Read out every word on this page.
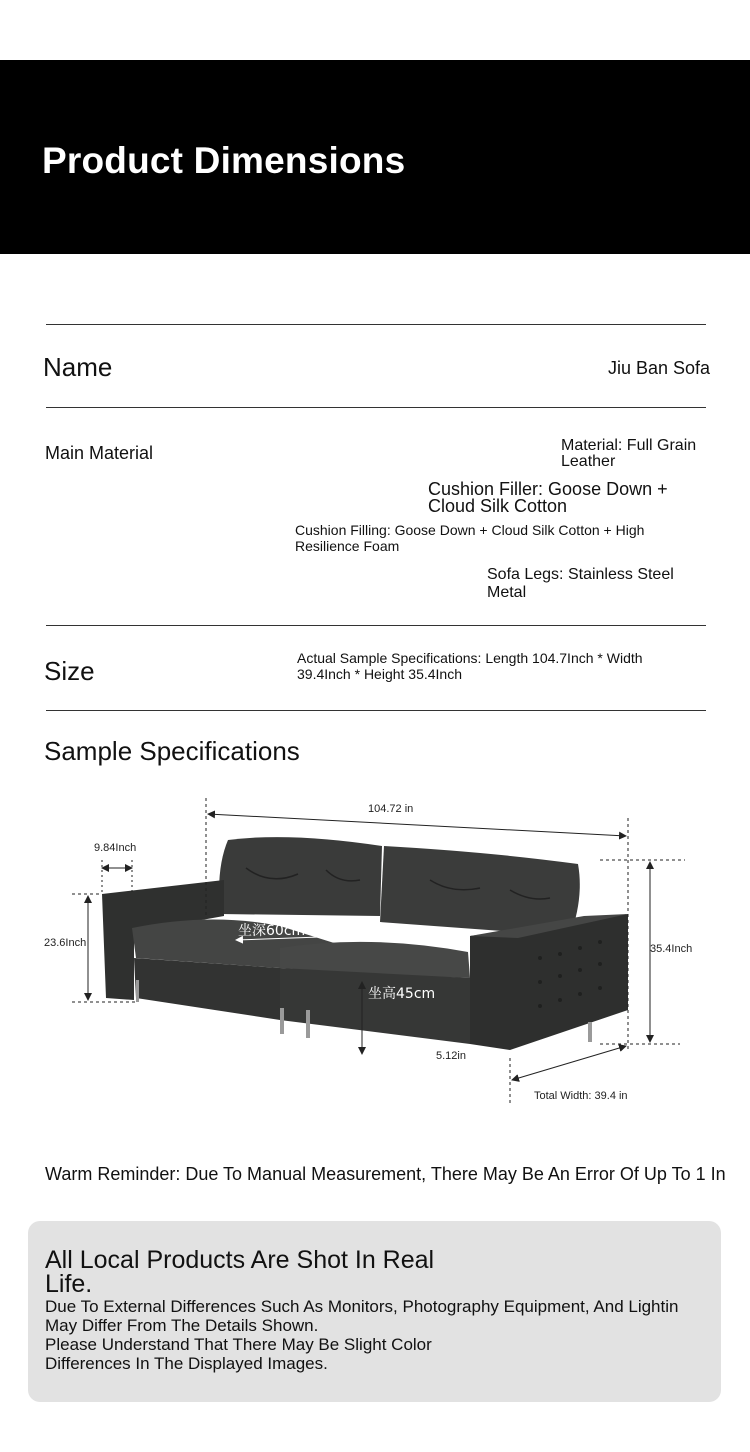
Product Dimensions
Name	Jiu Ban Sofa
Main Material	Material: Full Grain Leather
Cushion Filler: Goose Down + Cloud Silk Cotton
Cushion Filling: Goose Down + Cloud Silk Cotton + High Resilience Foam
Sofa Legs: Stainless Steel Metal
Size	Actual Sample Specifications: Length 104.7Inch * Width 39.4Inch * Height 35.4Inch
Sample Specifications
104.72 in
9.84Inch
23.6Inch
坐深60cm
坐高45cm
35.4Inch
5.12in
Total Width: 39.4 in
Warm Reminder: Due To Manual Measurement, There May Be An Error Of Up To 1 In
All Local Products Are Shot In Real Life.
Due To External Differences Such As Monitors, Photography Equipment, And Lightin
May Differ From The Details Shown.
Please Understand That There May Be Slight Color
Differences In The Displayed Images.
